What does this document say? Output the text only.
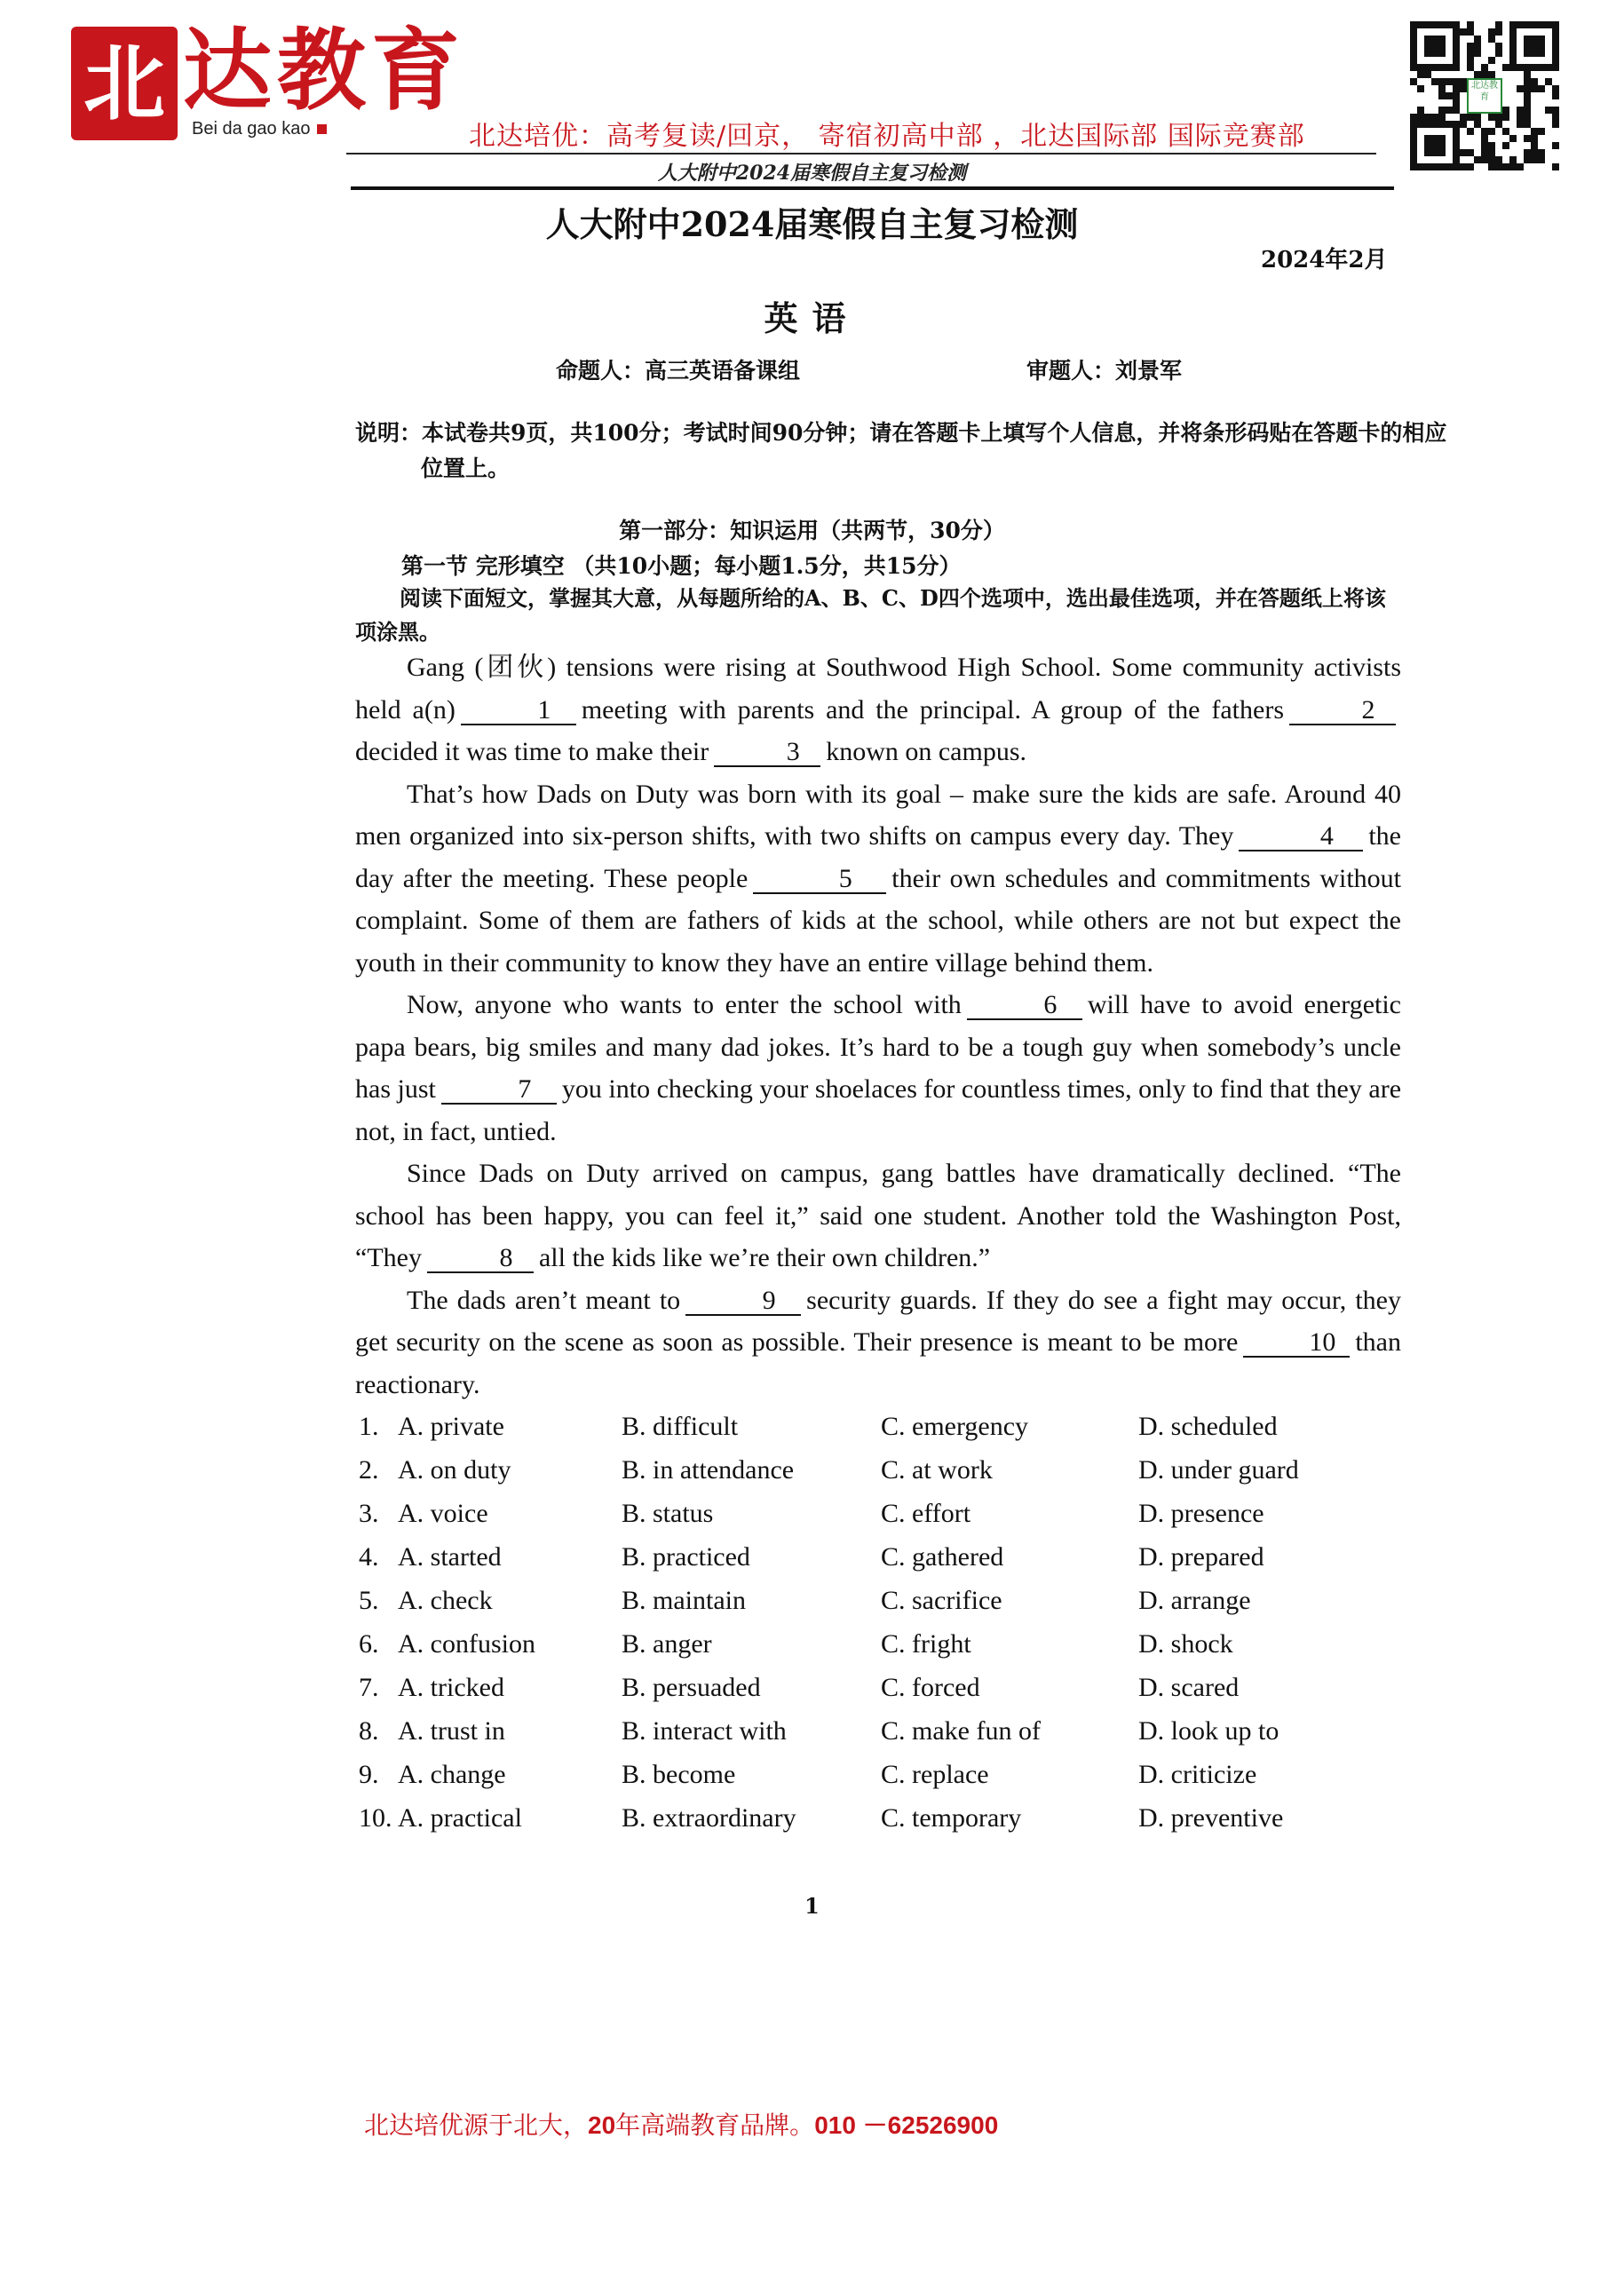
北 达教育
Bei da gao kao	北达培优：高考复读/回京， 寄宿初高中部 ，北达国际部 国际竞赛部
北达教育
人大附中2024届寒假自主复习检测
人大附中2024届寒假自主复习检测
2024年2月
英语
命题人：高三英语备课组	审题人：刘景军
说明：本试卷共9页，共100分；考试时间90分钟；请在答题卡上填写个人信息，并将条形码贴在答题卡的相应位置上。
第一部分：知识运用（共两节，30分）
第一节 完形填空 （共10小题；每小题1.5分，共15分）
阅读下面短文，掌握其大意，从每题所给的A、B、C、D四个选项中，选出最佳选项，并在答题纸上将该项涂黑。

Gang (团伙) tensions were rising at Southwood High School. Some community activists held a(n)	1 meeting with parents and the principal. A group of the fathers	2decided it was time to make their	3 known on campus.

That’s how Dads on Duty was born with its goal – make sure the kids are safe. Around 40 men organized into six-person shifts, with two shifts on campus every day. They	4 the day after the meeting. These people	5 their own schedules and commitments without complaint. Some of them are fathers of kids at the school, while others are not but expect the youth in their community to know they have an entire village behind them.

Now, anyone who wants to enter the school with	6 will have to avoid energetic papa bears, big smiles and many dad jokes. It’s hard to be a tough guy when somebody’s uncle has just	7 you into checking your shoelaces for countless times, only to find that they are not, in fact, untied.

Since Dads on Duty arrived on campus, gang battles have dramatically declined. “The school has been happy, you can feel it,” said one student. Another told the Washington Post, “They	8 all the kids like we’re their own children.”

The dads aren’t meant to	9 security guards. If they do see a fight may occur, they get security on the scene as soon as possible. Their presence is meant to be more	10 than reactionary.

1. A. private	B. difficult	C. emergency	D. scheduled
2. A. on duty	B. in attendance	C. at work	D. under guard
3. A. voice	B. status	C. effort	D. presence
4. A. started	B. practiced	C. gathered	D. prepared
5. A. check	B. maintain	C. sacrifice	D. arrange
6. A. confusion	B. anger	C. fright	D. shock
7. A. tricked	B. persuaded	C. forced	D. scared
8. A. trust in	B. interact with	C. make fun of	D. look up to
9. A. change	B. become	C. replace	D. criticize
10. A. practical	B. extraordinary	C. temporary	D. preventive
1
北达培优源于北大，20年高端教育品牌。010 －62526900
